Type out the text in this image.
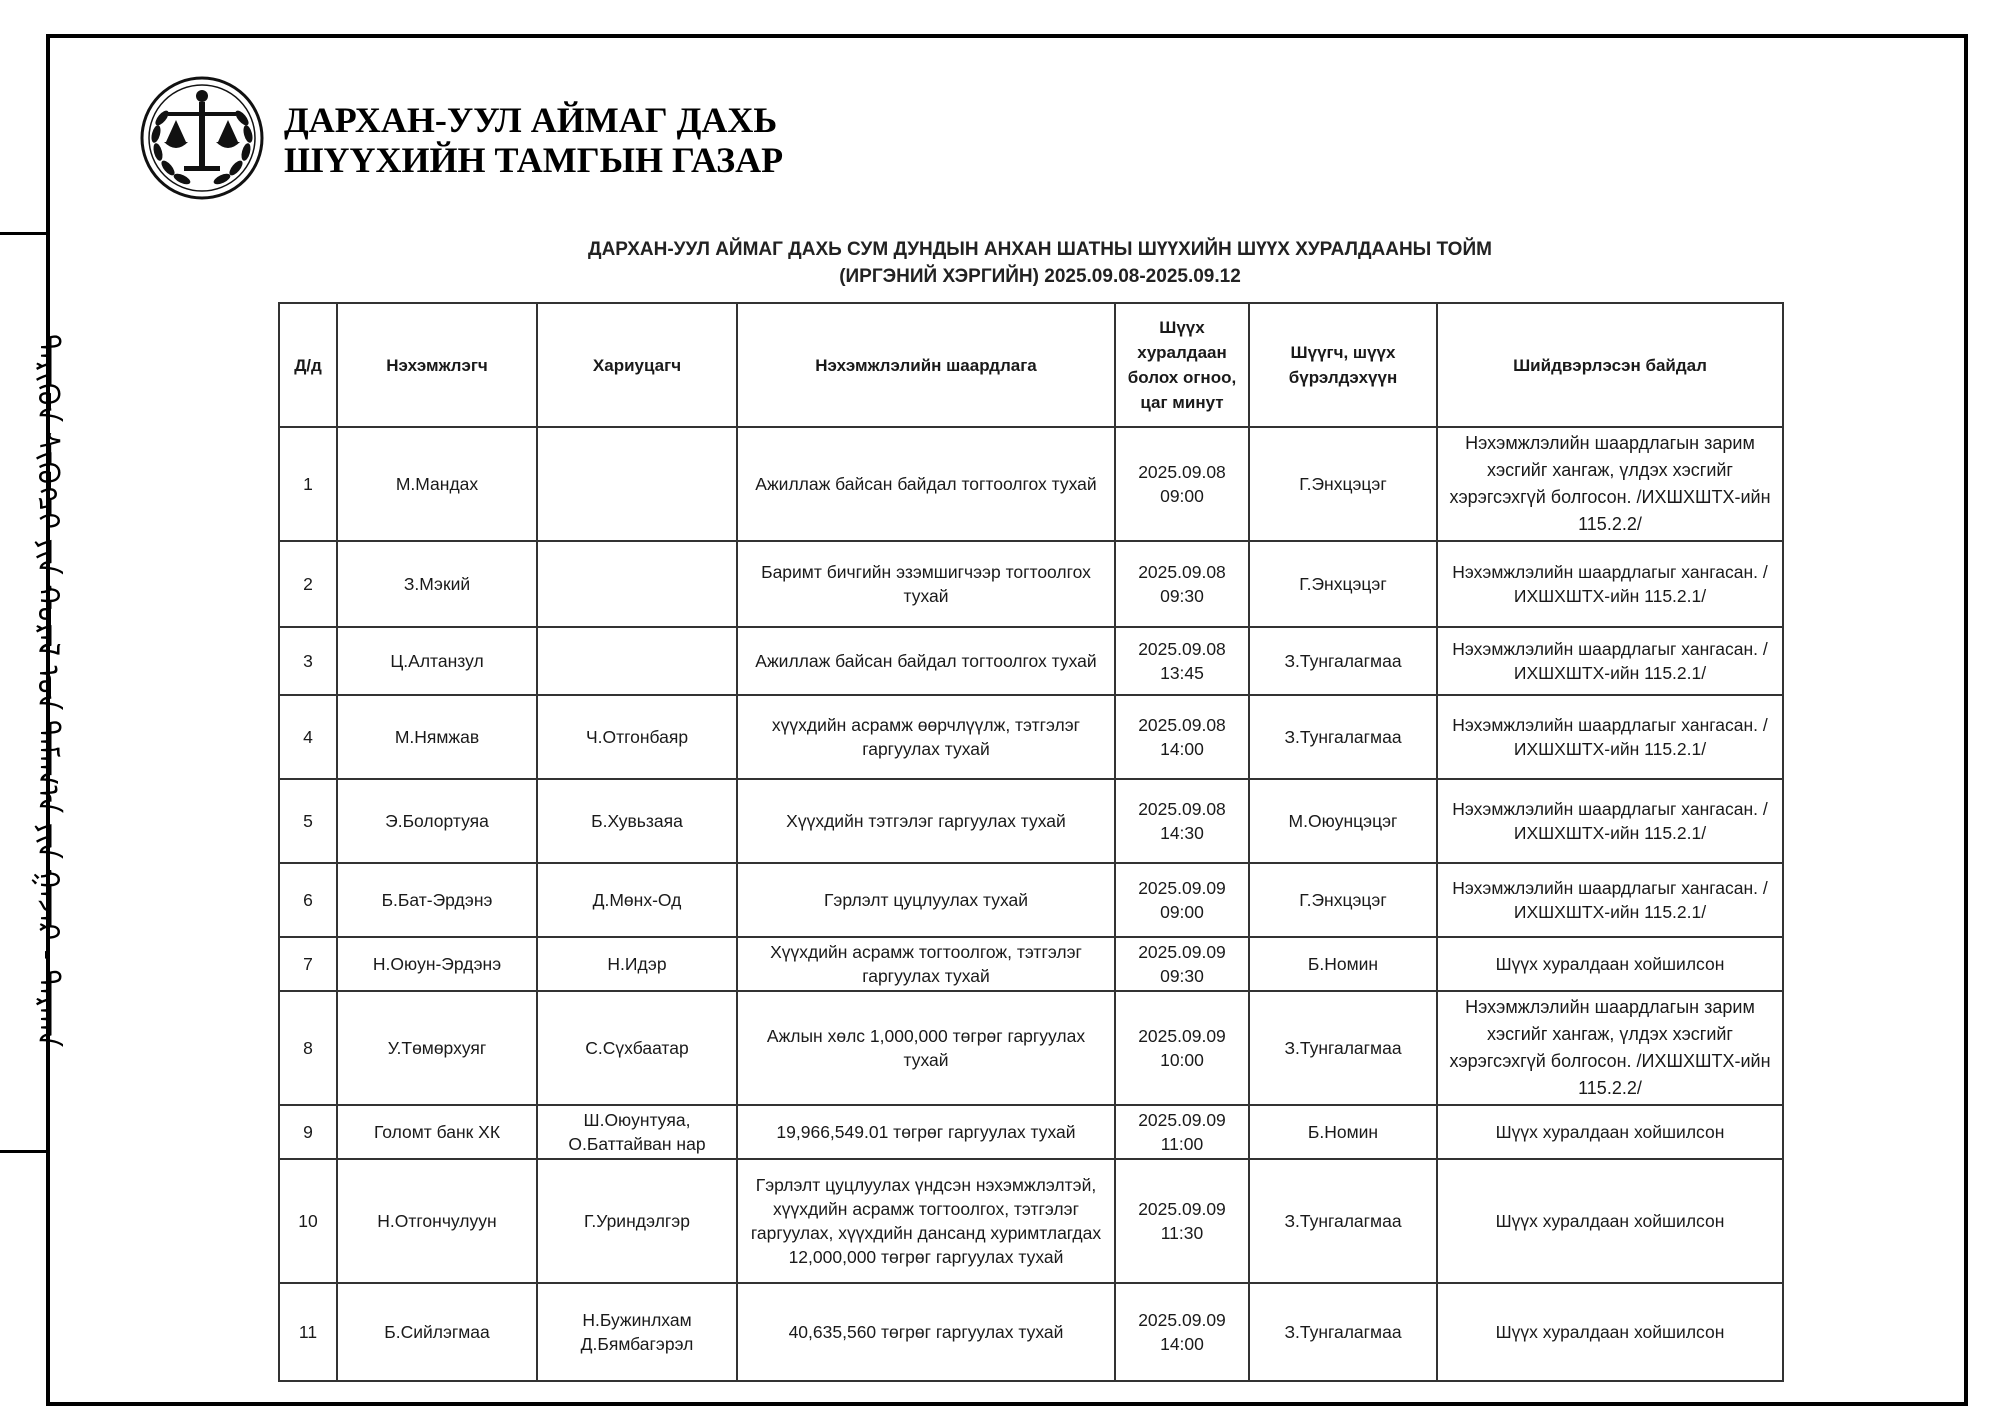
ᠲᠡᠷᠢᠭᠦᠨ ᠰᠢᠭᠦᠭᠴᠢ ᠶᠢᠨ ᠬᠤᠷᠠᠯ ᠤᠨ ᠲᠠᠮᠠᠭ᠎ᠠ ᠶᠢᠨ ᠭᠠᠵᠠᠷ - ᠳᠠᠷᠬᠠᠨ
ДАРХАН-УУЛ АЙМАГ ДАХЬ
ШҮҮХИЙН ТАМГЫН ГАЗАР
ДАРХАН-УУЛ АЙМАГ ДАХЬ СУМ ДУНДЫН АНХАН ШАТНЫ ШҮҮХИЙН ШҮҮХ ХУРАЛДААНЫ ТОЙМ
(ИРГЭНИЙ ХЭРГИЙН) 2025.09.08-2025.09.12
Д/д	Нэхэмжлэгч	Хариуцагч	Нэхэмжлэлийн шаардлага	Шүүх хуралдаан болох огноо, цаг минут	Шүүгч, шүүх бүрэлдэхүүн	Шийдвэрлэсэн байдал
1	М.Мандах		Ажиллаж байсан байдал тогтоолгох тухай	2025.09.08 09:00	Г.Энхцэцэг	Нэхэмжлэлийн шаардлагын зарим хэсгийг хангаж, үлдэх хэсгийг хэрэгсэхгүй болгосон. /ИХШХШТХ-ийн 115.2.2/
2	З.Мэкий		Баримт бичгийн эзэмшигчээр тогтоолгох тухай	2025.09.08 09:30	Г.Энхцэцэг	Нэхэмжлэлийн шаардлагыг хангасан. /ИХШХШТХ-ийн 115.2.1/
3	Ц.Алтанзул		Ажиллаж байсан байдал тогтоолгох тухай	2025.09.08 13:45	З.Тунгалагмаа	Нэхэмжлэлийн шаардлагыг хангасан. /ИХШХШТХ-ийн 115.2.1/
4	М.Нямжав	Ч.Отгонбаяр	хүүхдийн асрамж өөрчлүүлж, тэтгэлэг гаргуулах тухай	2025.09.08 14:00	З.Тунгалагмаа	Нэхэмжлэлийн шаардлагыг хангасан. /ИХШХШТХ-ийн 115.2.1/
5	Э.Болортуяа	Б.Хувьзаяа	Хүүхдийн тэтгэлэг гаргуулах тухай	2025.09.08 14:30	М.Оюунцэцэг	Нэхэмжлэлийн шаардлагыг хангасан. /ИХШХШТХ-ийн 115.2.1/
6	Б.Бат-Эрдэнэ	Д.Мөнх-Од	Гэрлэлт цуцлуулах тухай	2025.09.09 09:00	Г.Энхцэцэг	Нэхэмжлэлийн шаардлагыг хангасан. /ИХШХШТХ-ийн 115.2.1/
7	Н.Оюун-Эрдэнэ	Н.Идэр	Хүүхдийн асрамж тогтоолгож, тэтгэлэг гаргуулах тухай	2025.09.09 09:30	Б.Номин	Шүүх хуралдаан хойшилсон
8	У.Төмөрхуяг	С.Сүхбаатар	Ажлын хөлс 1,000,000 төгрөг гаргуулах тухай	2025.09.09 10:00	З.Тунгалагмаа	Нэхэмжлэлийн шаардлагын зарим хэсгийг хангаж, үлдэх хэсгийг хэрэгсэхгүй болгосон. /ИХШХШТХ-ийн 115.2.2/
9	Голомт банк ХК	Ш.Оюунтуяа, О.Баттайван нар	19,966,549.01 төгрөг гаргуулах тухай	2025.09.09 11:00	Б.Номин	Шүүх хуралдаан хойшилсон
10	Н.Отгончулуун	Г.Уриндэлгэр	Гэрлэлт цуцлуулах үндсэн нэхэмжлэлтэй, хүүхдийн асрамж тогтоолгох, тэтгэлэг гаргуулах, хүүхдийн дансанд хуримтлагдах 12,000,000 төгрөг гаргуулах тухай	2025.09.09 11:30	З.Тунгалагмаа	Шүүх хуралдаан хойшилсон
11	Б.Сийлэгмаа	Н.Бужинлхам Д.Бямбагэрэл	40,635,560 төгрөг гаргуулах тухай	2025.09.09 14:00	З.Тунгалагмаа	Шүүх хуралдаан хойшилсон
